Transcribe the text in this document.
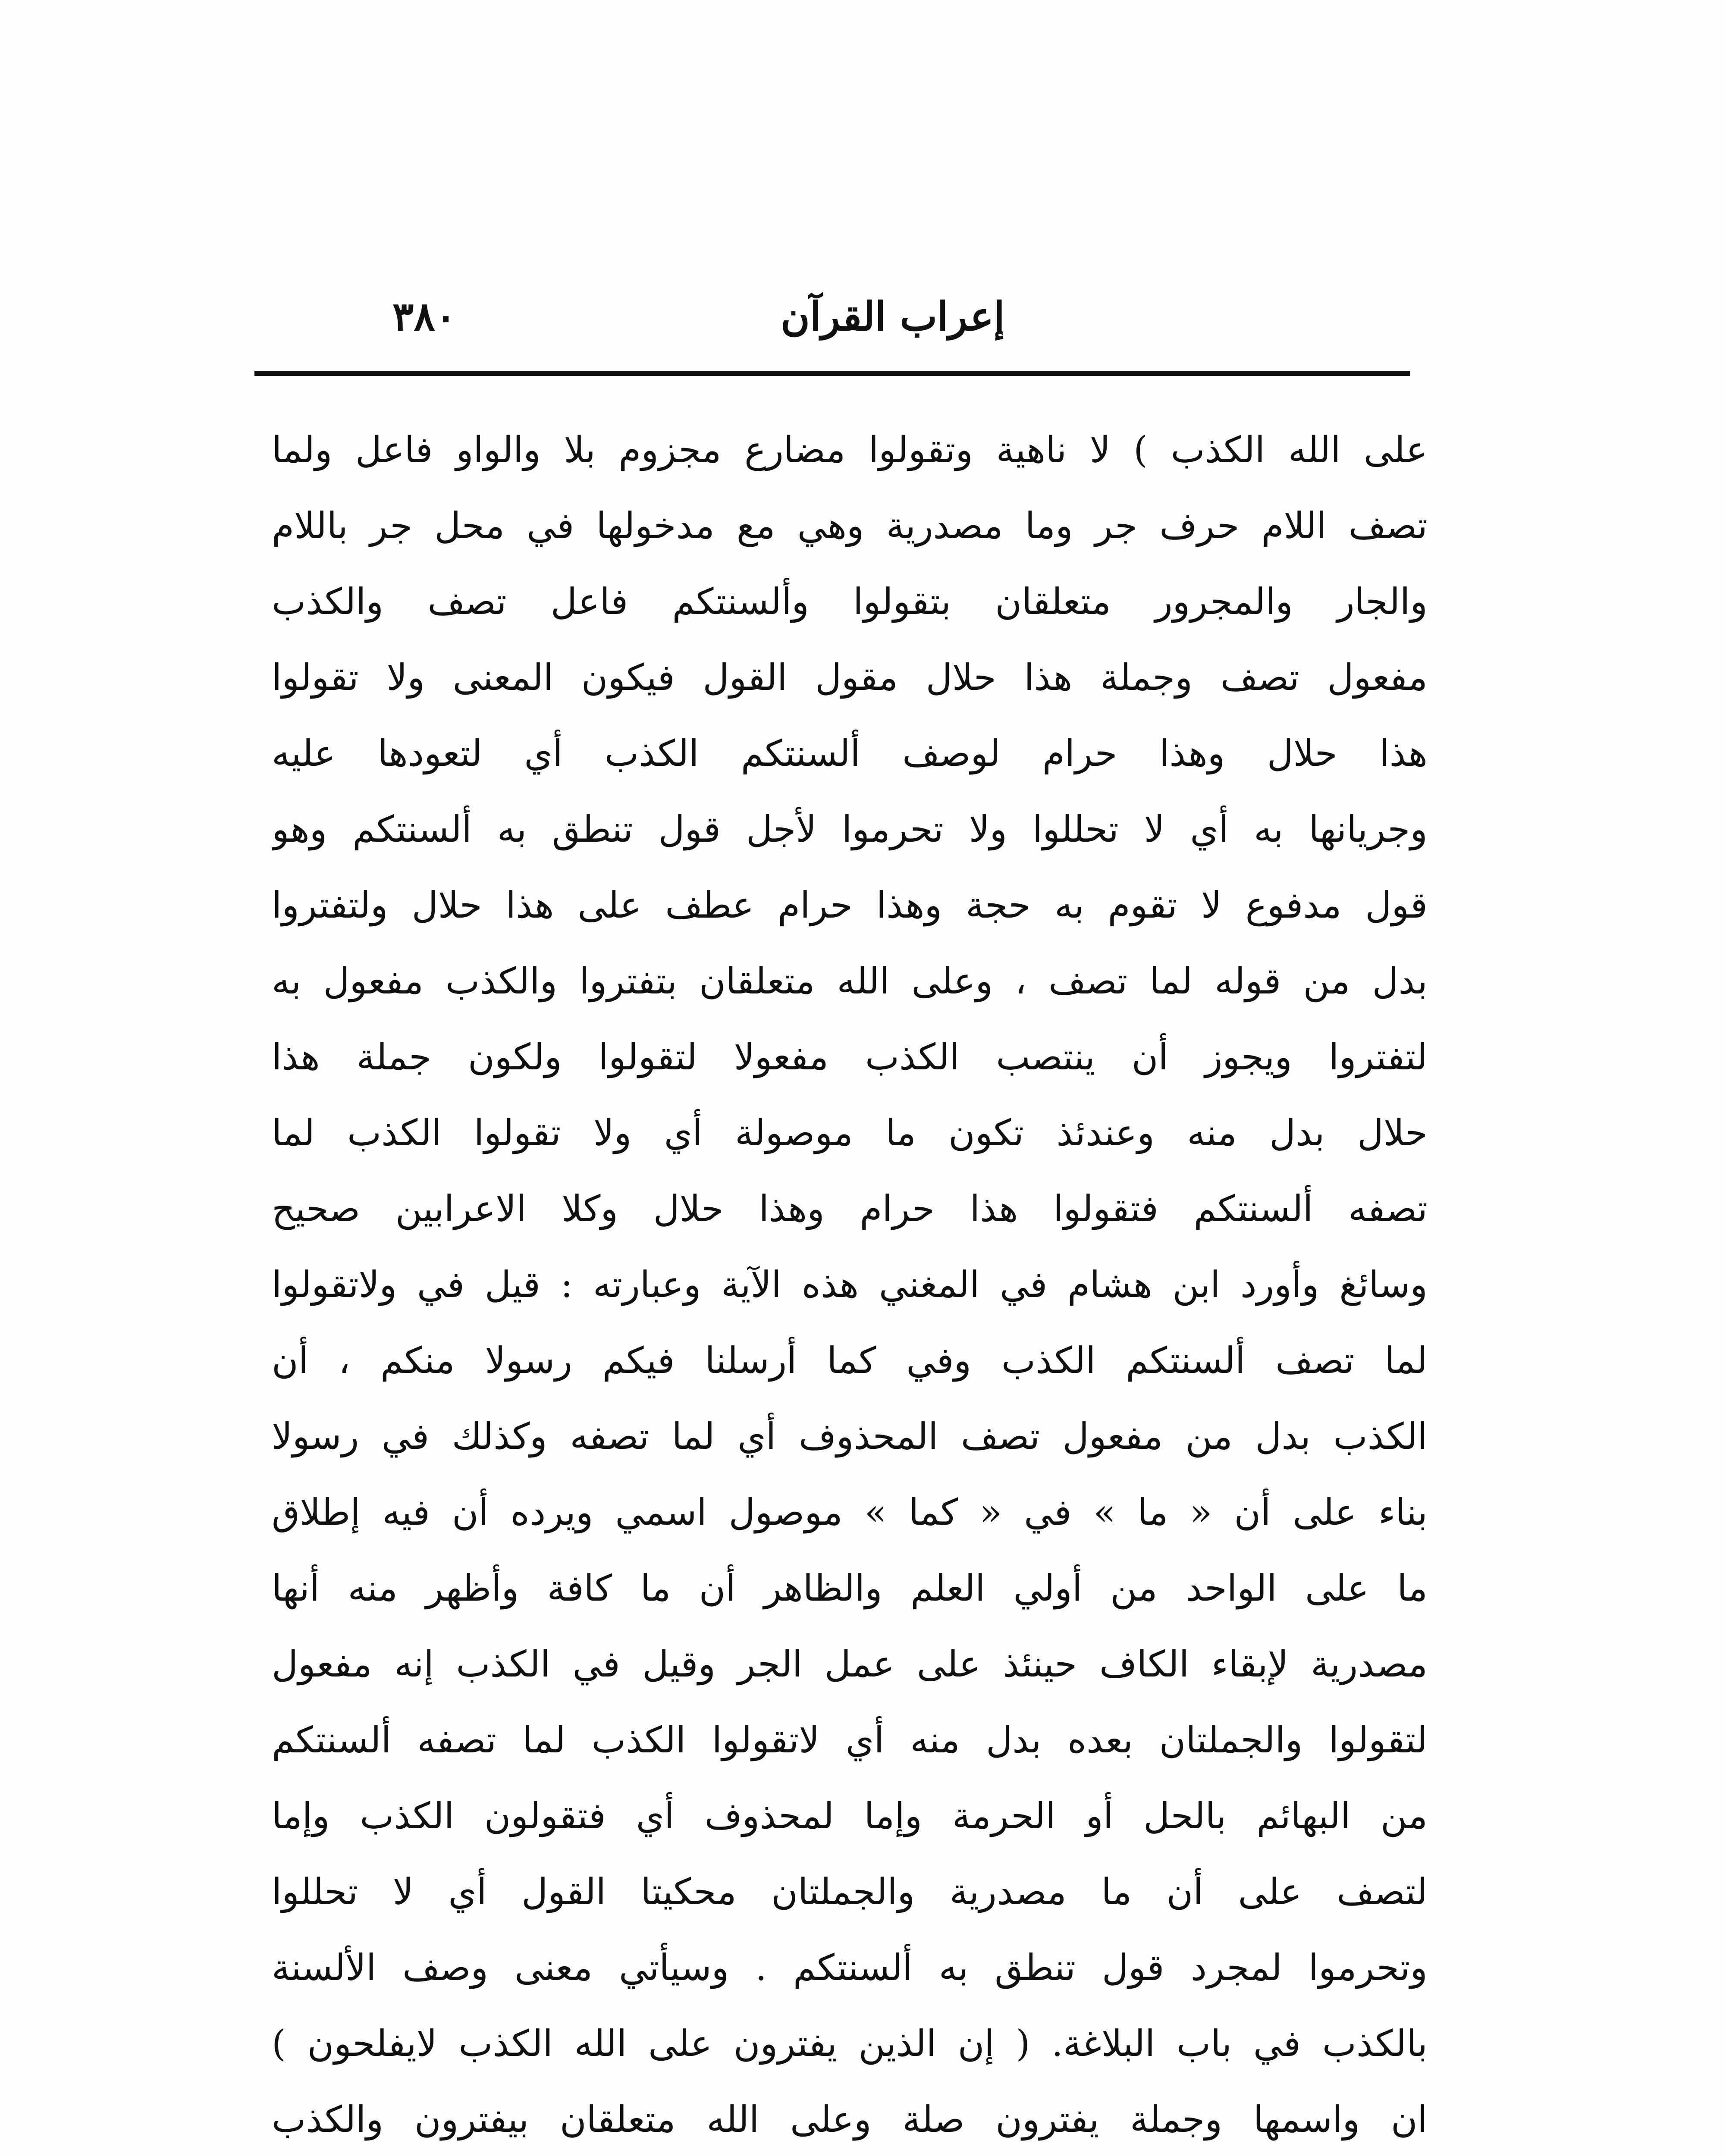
٣٨٠	إعراب القرآن
على الله الكذب ) لا ناهية وتقولوا مضارع مجزوم بلا والواو فاعل ولما
تصف اللام حرف جر وما مصدرية وهي مع مدخولها في محل جر باللام
والجار والمجرور متعلقان بتقولوا وألسنتكم فاعل تصف والكذب
مفعول تصف وجملة هذا حلال مقول القول فيكون المعنى ولا تقولوا
هذا حلال وهذا حرام لوصف ألسنتكم الكذب أي لتعودها عليه
وجريانها به أي لا تحللوا ولا تحرموا لأجل قول تنطق به ألسنتكم وهو
قول مدفوع لا تقوم به حجة وهذا حرام عطف على هذا حلال ولتفتروا
بدل من قوله لما تصف ، وعلى الله متعلقان بتفتروا والكذب مفعول به
لتفتروا ويجوز أن ينتصب الكذب مفعولا لتقولوا ولكون جملة هذا
حلال بدل منه وعندئذ تكون ما موصولة أي ولا تقولوا الكذب لما
تصفه ألسنتكم فتقولوا هذا حرام وهذا حلال وكلا الاعرابين صحيح
وسائغ وأورد ابن هشام في المغني هذه الآية وعبارته : قيل في ولاتقولوا
لما تصف ألسنتكم الكذب وفي كما أرسلنا فيكم رسولا منكم ، أن
الكذب بدل من مفعول تصف المحذوف أي لما تصفه وكذلك في رسولا
بناء على أن « ما » في « كما » موصول اسمي ويرده أن فيه إطلاق
ما على الواحد من أولي العلم والظاهر أن ما كافة وأظهر منه أنها
مصدرية لإبقاء الكاف حينئذ على عمل الجر وقيل في الكذب إنه مفعول
لتقولوا والجملتان بعده بدل منه أي لاتقولوا الكذب لما تصفه ألسنتكم
من البهائم بالحل أو الحرمة وإما لمحذوف أي فتقولون الكذب وإما
لتصف على أن ما مصدرية والجملتان محكيتا القول أي لا تحللوا
وتحرموا لمجرد قول تنطق به ألسنتكم . وسيأتي معنى وصف الألسنة
بالكذب في باب البلاغة. ( إن الذين يفترون على الله الكذب لايفلحون )
ان واسمها وجملة يفترون صلة وعلى الله متعلقان بيفترون والكذب
